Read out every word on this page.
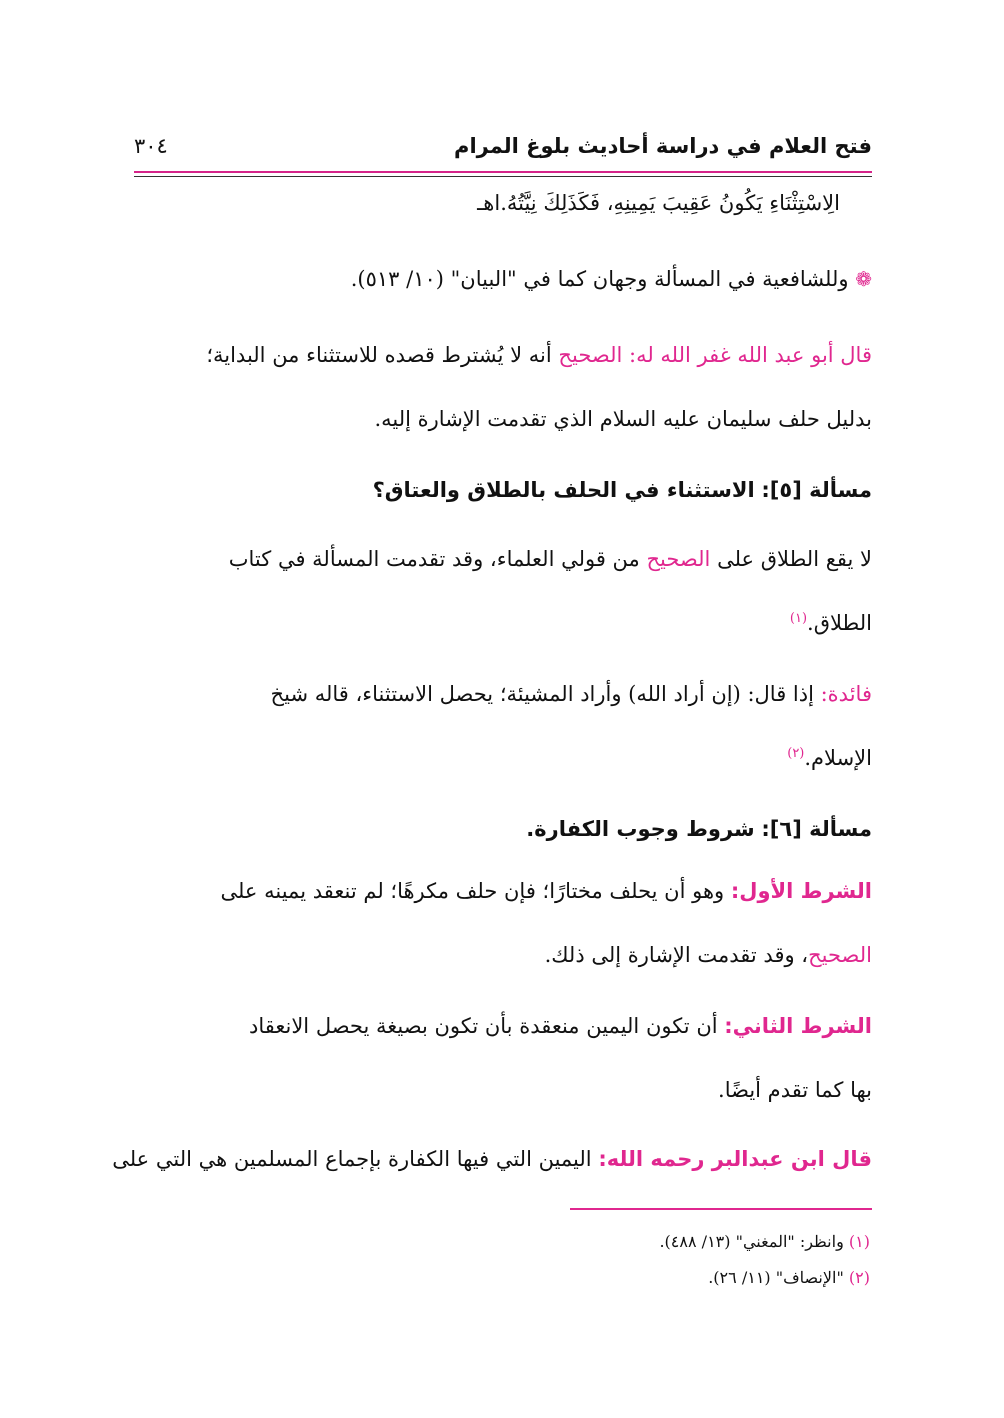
فتح العلام في دراسة أحاديث بلوغ المرام
٣٠٤
الِاسْتِثْنَاءِ يَكُونُ عَقِيبَ يَمِينِهِ، فَكَذَلِكَ نِيَّتُهُ.اهـ
❁ وللشافعية في المسألة وجهان كما في "البيان" (١٠/ ٥١٣).
قال أبو عبد الله غفر الله له: الصحيح أنه لا يُشترط قصده للاستثناء من البداية؛
بدليل حلف سليمان عليه السلام الذي تقدمت الإشارة إليه.
مسألة [٥]: الاستثناء في الحلف بالطلاق والعتاق؟
لا يقع الطلاق على الصحيح من قولي العلماء، وقد تقدمت المسألة في كتاب
الطلاق.$^{(١)}$
فائدة: إذا قال: (إن أراد الله) وأراد المشيئة؛ يحصل الاستثناء، قاله شيخ
الإسلام.$^{(٢)}$
مسألة [٦]: شروط وجوب الكفارة.
الشرط الأول: وهو أن يحلف مختارًا؛ فإن حلف مكرهًا؛ لم تنعقد يمينه على
الصحيح، وقد تقدمت الإشارة إلى ذلك.
الشرط الثاني: أن تكون اليمين منعقدة بأن تكون بصيغة يحصل الانعقاد
بها كما تقدم أيضًا.
قال ابن عبدالبر رحمه الله: اليمين التي فيها الكفارة بإجماع المسلمين هي التي على
(١) وانظر: "المغني" (١٣/ ٤٨٨).
(٢) "الإنصاف" (١١/ ٢٦).
